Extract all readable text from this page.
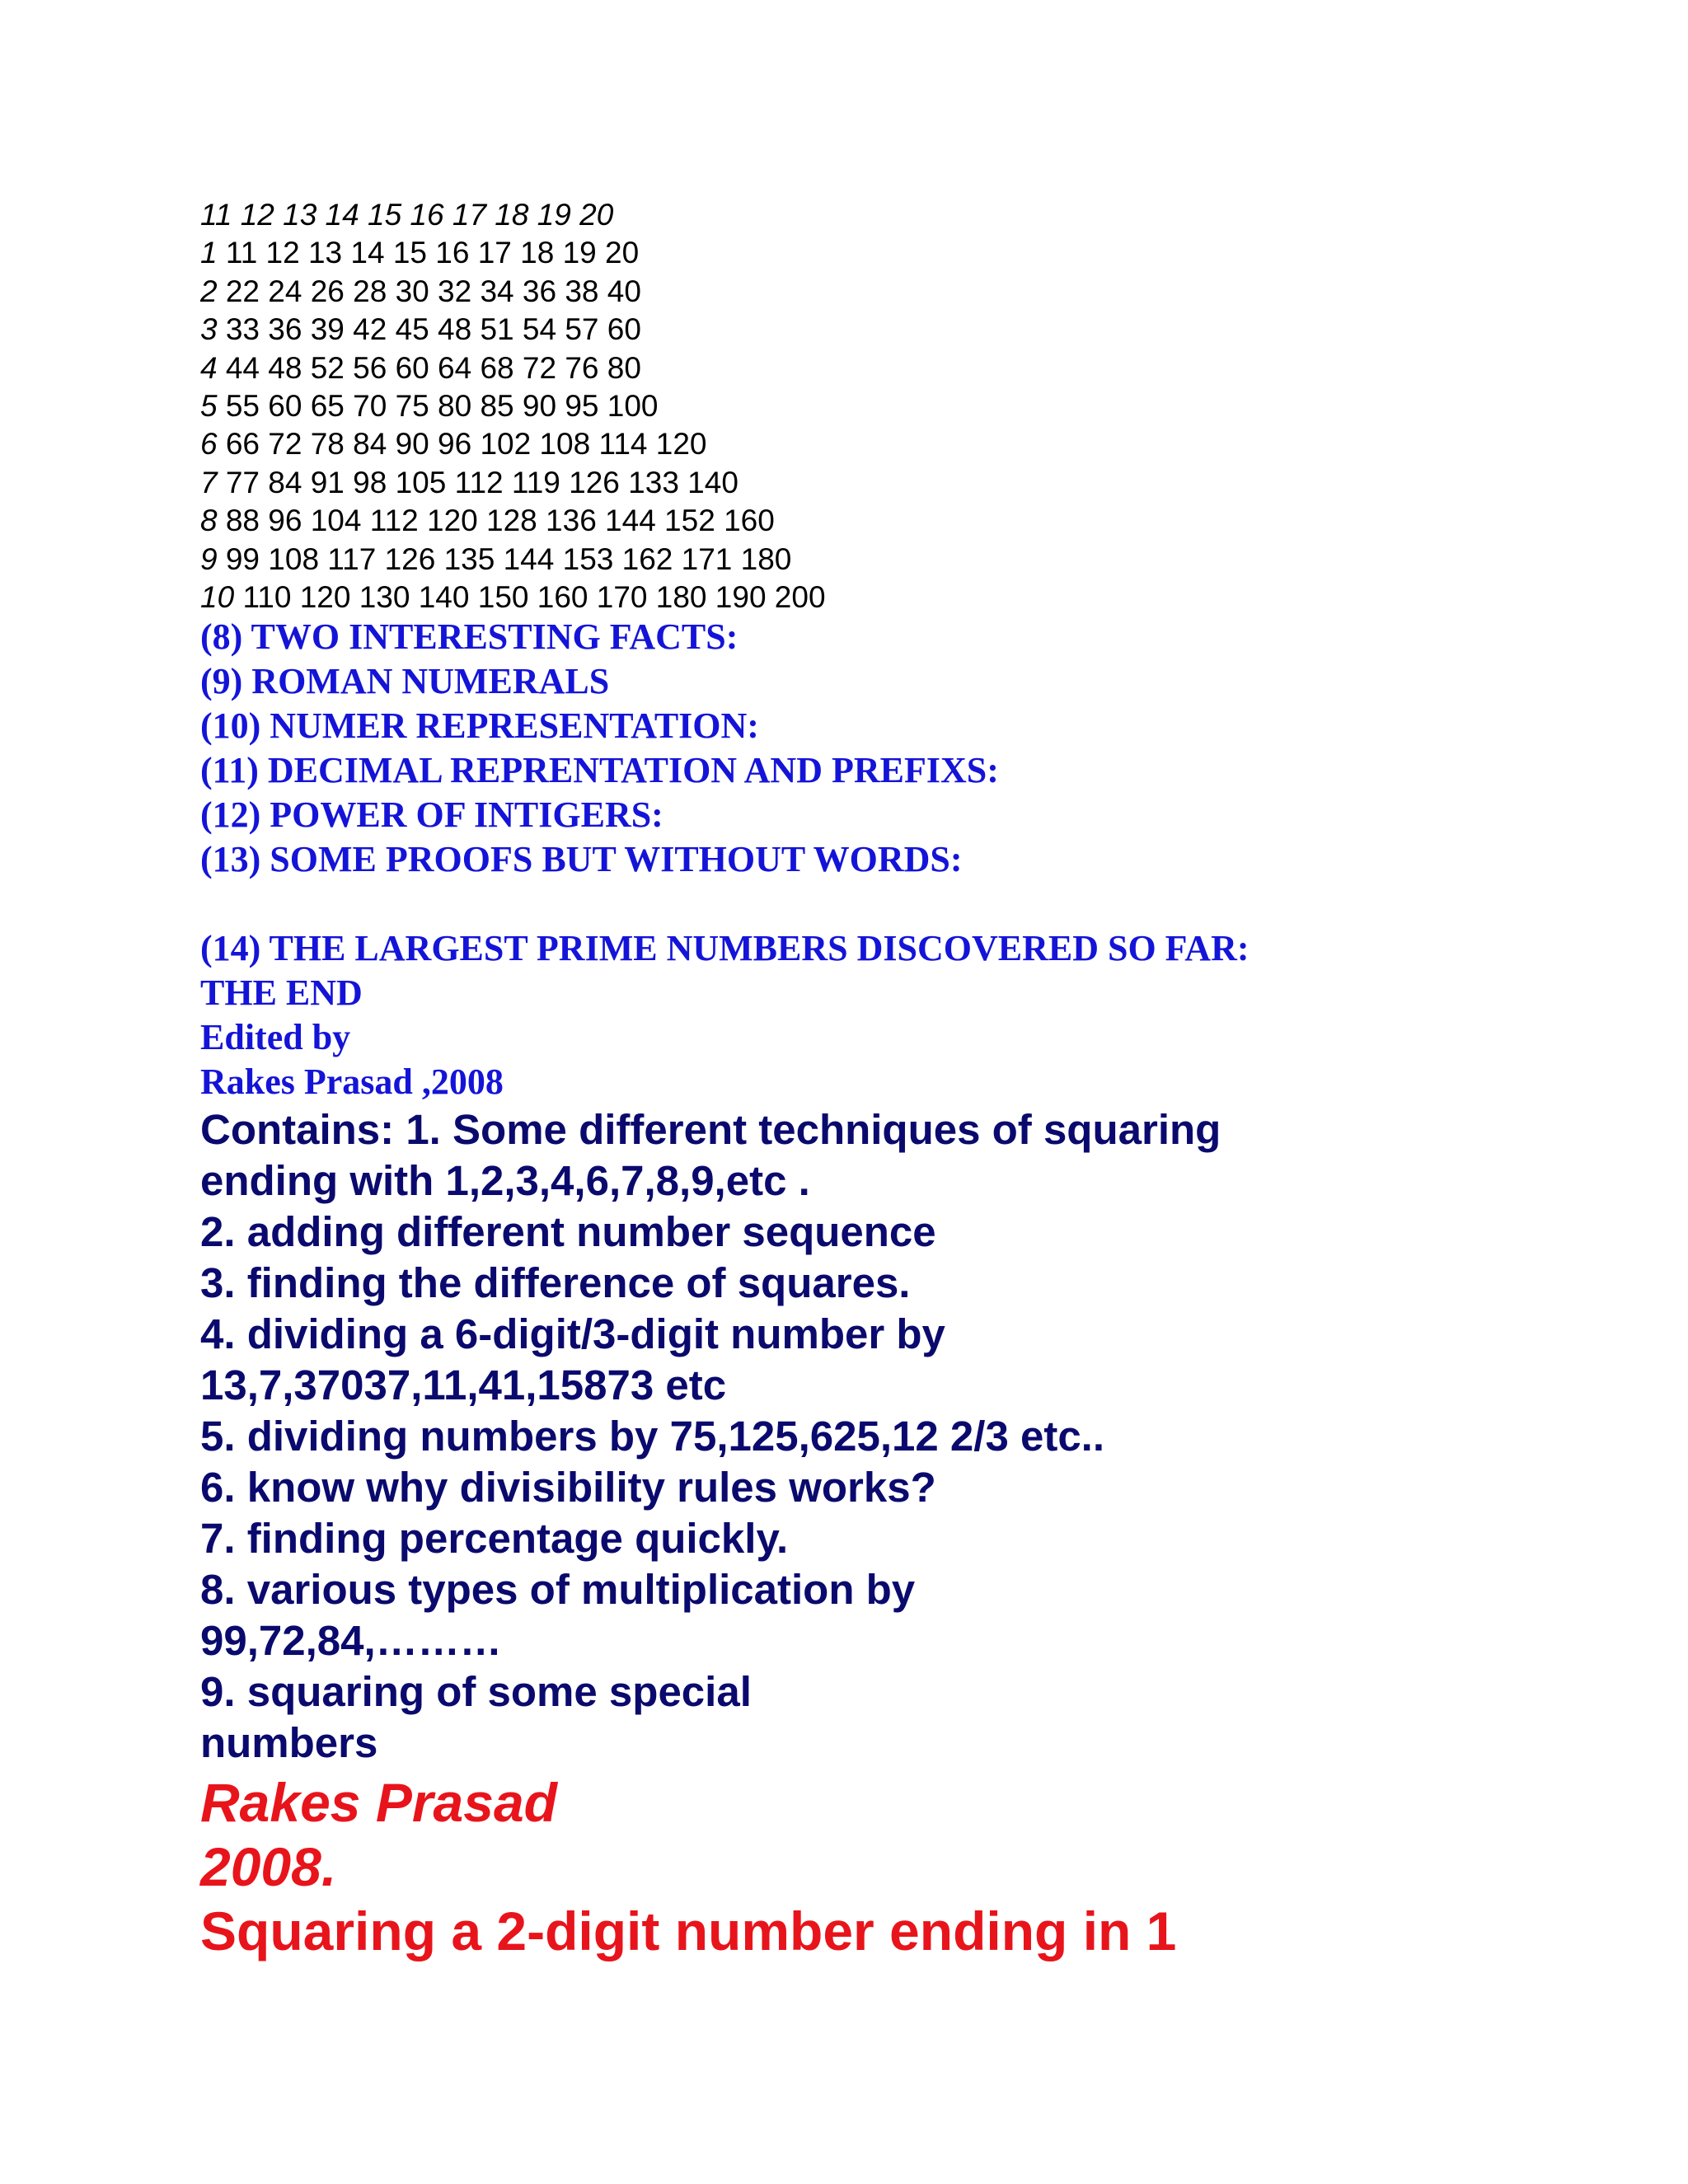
11 12 13 14 15 16 17 18 19 20
1 11 12 13 14 15 16 17 18 19 20
2 22 24 26 28 30 32 34 36 38 40
3 33 36 39 42 45 48 51 54 57 60
4 44 48 52 56 60 64 68 72 76 80
5 55 60 65 70 75 80 85 90 95 100
6 66 72 78 84 90 96 102 108 114 120
7 77 84 91 98 105 112 119 126 133 140
8 88 96 104 112 120 128 136 144 152 160
9 99 108 117 126 135 144 153 162 171 180
10 110 120 130 140 150 160 170 180 190 200
(8) TWO INTERESTING FACTS:
(9) ROMAN NUMERALS
(10) NUMER REPRESENTATION:
(11) DECIMAL REPRENTATION AND PREFIXS:
(12) POWER OF INTIGERS:
(13) SOME PROOFS BUT WITHOUT WORDS:
(14) THE LARGEST PRIME NUMBERS DISCOVERED SO FAR:
THE END
Edited by
Rakes Prasad ,2008
Contains: 1. Some different techniques of squaring
ending with 1,2,3,4,6,7,8,9,etc .
2. adding different number sequence
3. finding the difference of squares.
4. dividing a 6-digit/3-digit number by
13,7,37037,11,41,15873 etc
5. dividing numbers by 75,125,625,12 2/3 etc..
6. know why divisibility rules works?
7. finding percentage quickly.
8. various types of multiplication by
99,72,84,………
9. squaring of some special
numbers
Rakes Prasad
2008.
Squaring a 2-digit number ending in 1
